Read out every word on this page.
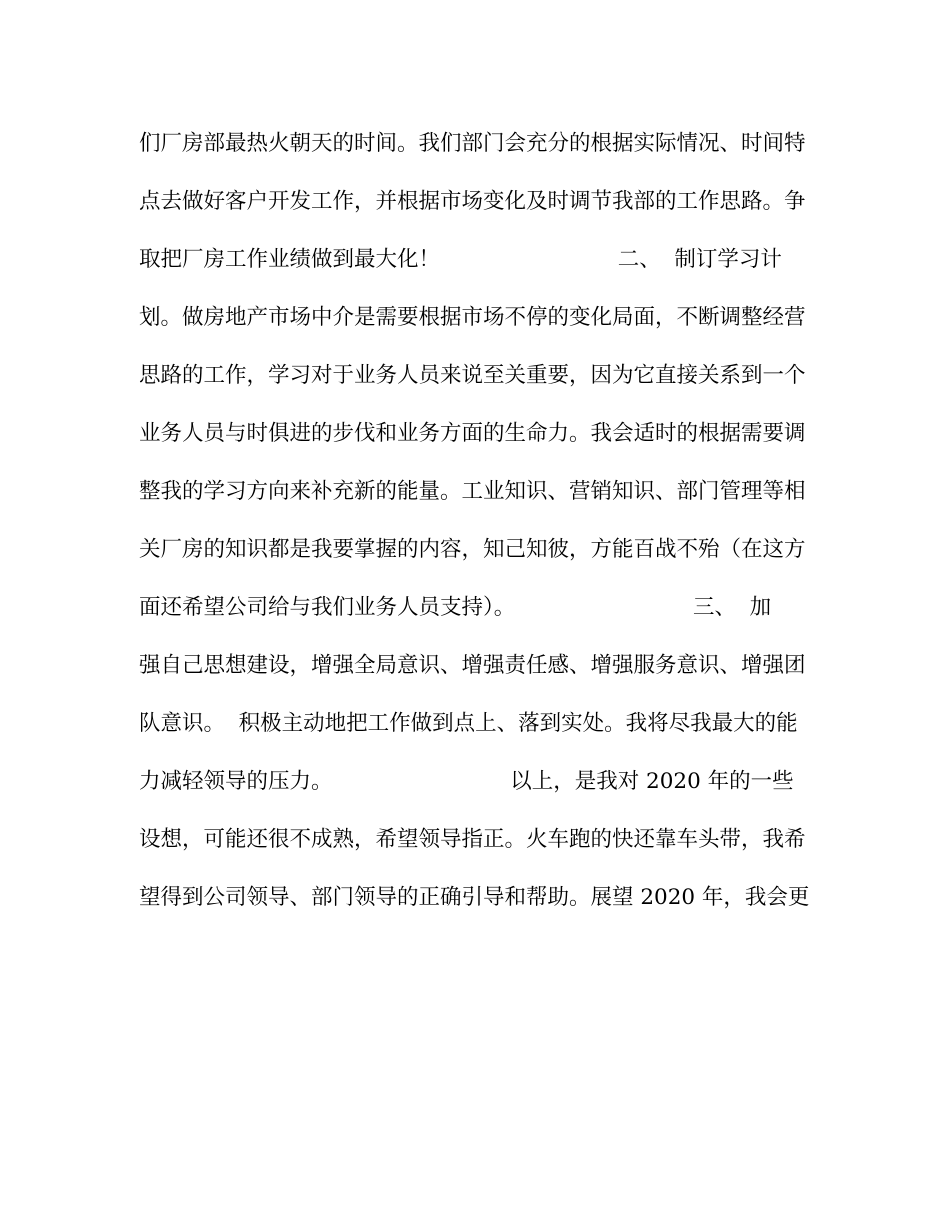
们厂房部最热火朝天的时间。我们部门会充分的根据实际情况、时间特
点去做好客户开发工作，并根据市场变化及时调节我部的工作思路。争
取把厂房工作业绩做到最大化！                          二、  制订学习计
划。做房地产市场中介是需要根据市场不停的变化局面，不断调整经营
思路的工作，学习对于业务人员来说至关重要，因为它直接关系到一个
业务人员与时俱进的步伐和业务方面的生命力。我会适时的根据需要调
整我的学习方向来补充新的能量。工业知识、营销知识、部门管理等相
关厂房的知识都是我要掌握的内容，知己知彼，方能百战不殆（在这方
面还希望公司给与我们业务人员支持）。                          三、  加
强自己思想建设，增强全局意识、增强责任感、增强服务意识、增强团
队意识。  积极主动地把工作做到点上、落到实处。我将尽我最大的能
力减轻领导的压力。                          以上，是我对 2020 年的一些
设想，可能还很不成熟，希望领导指正。火车跑的快还靠车头带，我希
望得到公司领导、部门领导的正确引导和帮助。展望 2020 年，我会更
